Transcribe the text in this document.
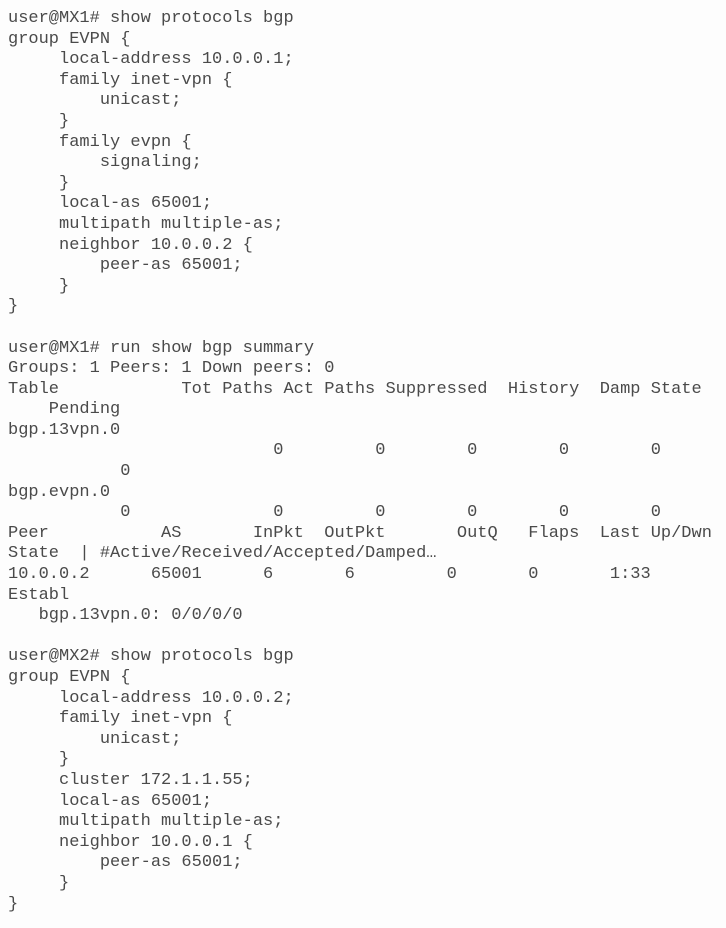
user@MX1# show protocols bgp
group EVPN {
local-address 10.0.0.1;
family inet-vpn {
unicast;
}
family evpn {
signaling;
}
local-as 65001;
multipath multiple-as;
neighbor 10.0.0.2 {
peer-as 65001;
}
}
user@MX1# run show bgp summary
Groups: 1 Peers: 1 Down peers: 0
Table            Tot Paths Act Paths Suppressed  History  Damp State
Pending
bgp.13vpn.0
0         0        0        0        0
0
bgp.evpn.0
0              0         0        0        0        0
Peer           AS       InPkt  OutPkt       OutQ   Flaps  Last Up/Dwn
State  | #Active/Received/Accepted/Damped…
10.0.0.2      65001      6       6         0       0       1:33
Establ
bgp.13vpn.0: 0/0/0/0
user@MX2# show protocols bgp
group EVPN {
local-address 10.0.0.2;
family inet-vpn {
unicast;
}
cluster 172.1.1.55;
local-as 65001;
multipath multiple-as;
neighbor 10.0.0.1 {
peer-as 65001;
}
}
